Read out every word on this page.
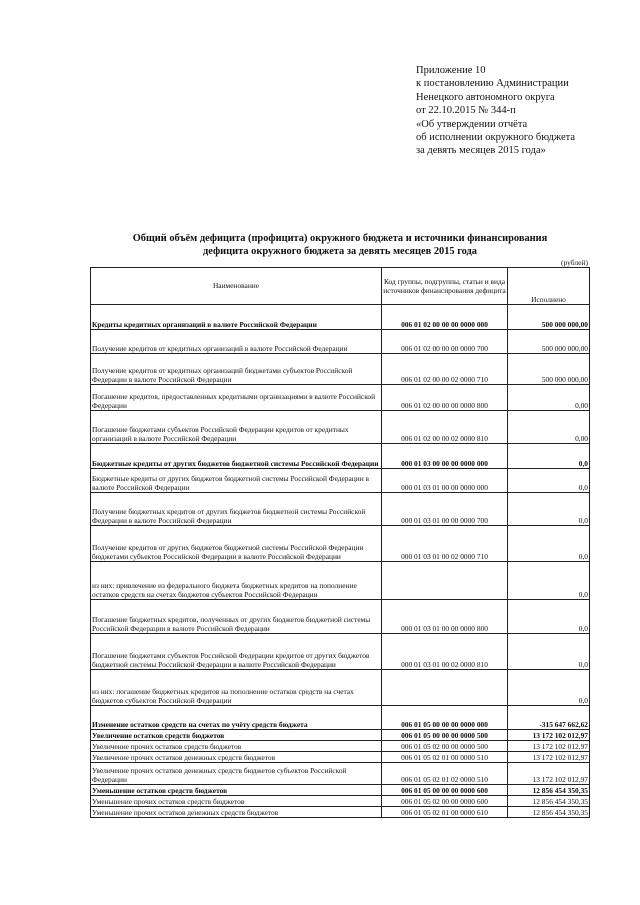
Приложение 10
к постановлению Администрации
Ненецкого автономного округа
от 22.10.2015 № 344-п
«Об утверждении отчёта
об исполнении окружного бюджета
за девять месяцев 2015 года»
Общий объём дефицита (профицита) окружного бюджета и источники финансирования
дефицита окружного бюджета за девять месяцев 2015 года
(рублей)
Наименование	Код группы, подгруппы, статьи и вида источников финансирования дефицита	Исполнено
Кредиты кредитных организаций в валюте Российской Федерации	006 01 02 00 00 00 0000 000	500 000 000,00
Получение кредитов от кредитных организаций в валюте Российской Федерации	006 01 02 00 00 00 0000 700	500 000 000,00
Получение кредитов от кредитных организаций бюджетами субъектов Российской Федерации в валюте Российской Федерации	006 01 02 00 00 02 0000 710	500 000 000,00
Погашение кредитов, предоставленных кредитными организациями в валюте Российской Федерации	006 01 02 00 00 00 0000 800	0,00
Погашение бюджетами субъектов Российской Федерации кредитов от кредитных организаций в валюте Российской Федерации	006 01 02 00 00 02 0000 810	0,00
Бюджетные кредиты от других бюджетов бюджетной системы Российской Федерации	000 01 03 00 00 00 0000 000	0,0
Бюджетные кредиты от других бюджетов бюджетной системы Российской Федерации в валюте Российской Федерации	000 01 03 01 00 00 0000 000	0,0
Получение бюджетных кредитов от других бюджетов бюджетной системы Российской Федерации в валюте Российской Федерации	000 01 03 01 00 00 0000 700	0,0
Получение кредитов от других бюджетов бюджетной системы Российской Федерации бюджетами субъектов Российской Федерации в валюте Российской Федерации	000 01 03 01 00 02 0000 710	0,0
из них: привлечение из федерального бюджета бюджетных кредитов на пополнение остатков средств на счетах бюджетов субъектов Российской Федерации		0,0
Погашение бюджетных кредитов, полученных от других бюджетов бюджетной системы Российской Федерации в валюте Российской Федерации	000 01 03 01 00 00 0000 800	0,0
Погашение бюджетами субъектов Российской Федерации кредитов от других бюджетов бюджетной системы Российской Федерации в валюте Российской Федерации	000 01 03 01 00 02 0000 810	0,0
из них: погашение бюджетных кредитов на пополнение остатков средств на счетах бюджетов субъектов Российской Федерации		0,0
Изменение остатков средств на счетах по учёту средств бюджета	006 01 05 00 00 00 0000 000	-315 647 662,62
Увеличение остатков средств бюджетов	006 01 05 00 00 00 0000 500	13 172 102 012,97
Увеличение прочих остатков средств бюджетов	006 01 05 02 00 00 0000 500	13 172 102 012,97
Увеличение прочих остатков денежных средств бюджетов	006 01 05 02 01 00 0000 510	13 172 102 012,97
Увеличение прочих остатков денежных средств бюджетов субъектов Российской Федерации	006 01 05 02 01 02 0000 510	13 172 102 012,97
Уменьшение остатков средств бюджетов	006 01 05 00 00 00 0000 600	12 856 454 350,35
Уменьшение прочих остатков средств бюджетов	006 01 05 02 00 00 0000 600	12 856 454 350,35
Уменьшение прочих остатков денежных средств бюджетов	006 01 05 02 01 00 0000 610	12 856 454 350,35
